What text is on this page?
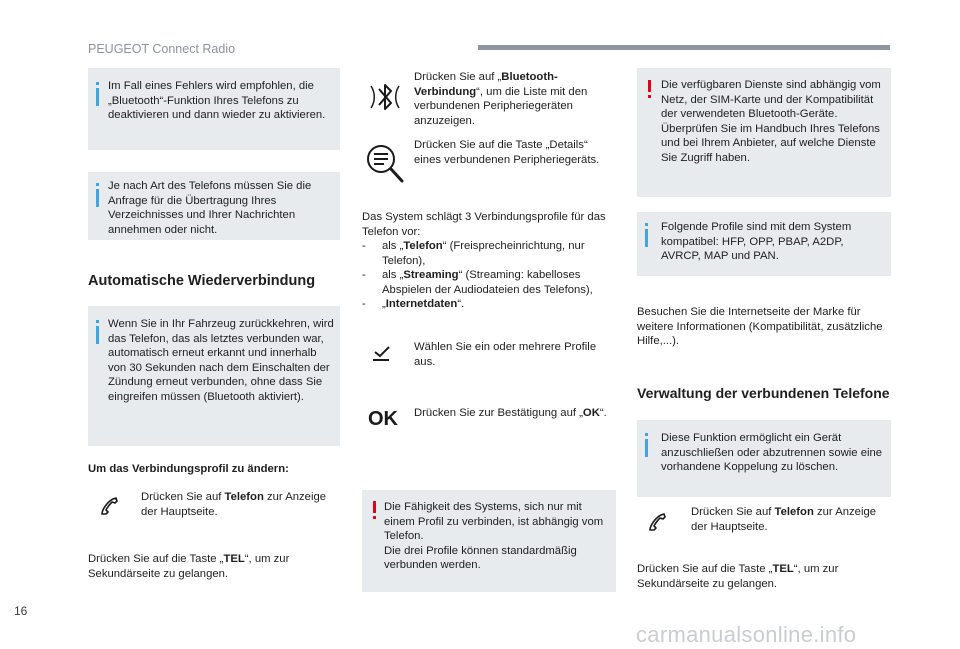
PEUGEOT Connect Radio

Im Fall eines Fehlers wird empfohlen, die „Bluetooth“-Funktion Ihres Telefons zu deaktivieren und dann wieder zu aktivieren.

Je nach Art des Telefons müssen Sie die Anfrage für die Übertragung Ihres Verzeichnisses und Ihrer Nachrichten annehmen oder nicht.

Automatische Wiederverbindung

Wenn Sie in Ihr Fahrzeug zurückkehren, wird das Telefon, das als letztes verbunden war, automatisch erneut erkannt und innerhalb von 30 Sekunden nach dem Einschalten der Zündung erneut verbunden, ohne dass Sie eingreifen müssen (Bluetooth aktiviert).

Um das Verbindungsprofil zu ändern:

Drücken Sie auf Telefon zur Anzeige der Hauptseite.

Drücken Sie auf die Taste „TEL“, um zur Sekundärseite zu gelangen.

Drücken Sie auf „Bluetooth-Verbindung“, um die Liste mit den verbundenen Peripheriegeräten anzuzeigen.

Drücken Sie auf die Taste „Details“ eines verbundenen Peripheriegeräts.

Das System schlägt 3 Verbindungsprofile für das Telefon vor:

- als „Telefon“ (Freisprecheinrichtung, nur Telefon),
- als „Streaming“ (Streaming: kabelloses Abspielen der Audiodateien des Telefons),
- „Internetdaten“.

Wählen Sie ein oder mehrere Profile aus.

OK Drücken Sie zur Bestätigung auf „OK“.

Die Fähigkeit des Systems, sich nur mit einem Profil zu verbinden, ist abhängig vom Telefon.
Die drei Profile können standardmäßig verbunden werden.

Die verfügbaren Dienste sind abhängig vom Netz, der SIM-Karte und der Kompatibilität der verwendeten Bluetooth-Geräte. Überprüfen Sie im Handbuch Ihres Telefons und bei Ihrem Anbieter, auf welche Dienste Sie Zugriff haben.

Folgende Profile sind mit dem System kompatibel: HFP, OPP, PBAP, A2DP, AVRCP, MAP und PAN.

Besuchen Sie die Internetseite der Marke für weitere Informationen (Kompatibilität, zusätzliche Hilfe,...).

Verwaltung der verbundenen Telefone

Diese Funktion ermöglicht ein Gerät anzuschließen oder abzutrennen sowie eine vorhandene Koppelung zu löschen.

Drücken Sie auf Telefon zur Anzeige der Hauptseite.

Drücken Sie auf die Taste „TEL“, um zur Sekundärseite zu gelangen.

16
carmanualsonline.info
